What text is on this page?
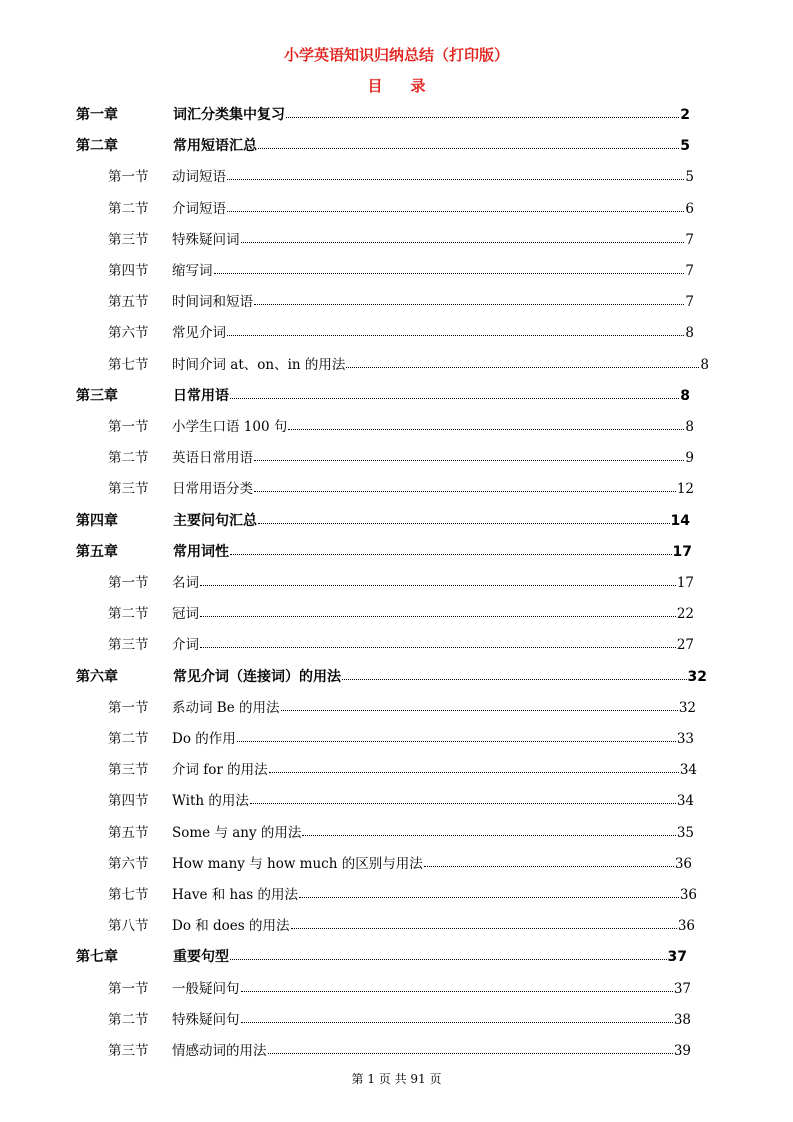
小学英语知识归纳总结（打印版）
目录
第一章	词汇分类集中复习	2
第二章	常用短语汇总	5
第一节	动词短语	5
第二节	介词短语	6
第三节	特殊疑问词	7
第四节	缩写词	7
第五节	时间词和短语	7
第六节	常见介词	8
第七节	时间介词 at、on、in 的用法	8
第三章	日常用语	8
第一节	小学生口语 100 句	8
第二节	英语日常用语	9
第三节	日常用语分类	12
第四章	主要问句汇总	14
第五章	常用词性	17
第一节	名词	17
第二节	冠词	22
第三节	介词	27
第六章	常见介词（连接词）的用法	32
第一节	系动词 Be 的用法	32
第二节	Do 的作用	33
第三节	介词 for 的用法	34
第四节	With 的用法	34
第五节	Some 与 any 的用法	35
第六节	How many 与 how much 的区别与用法	36
第七节	Have 和 has 的用法	36
第八节	Do 和 does 的用法	36
第七章	重要句型	37
第一节	一般疑问句	37
第二节	特殊疑问句	38
第三节	情感动词的用法	39
第 1 页 共 91 页
